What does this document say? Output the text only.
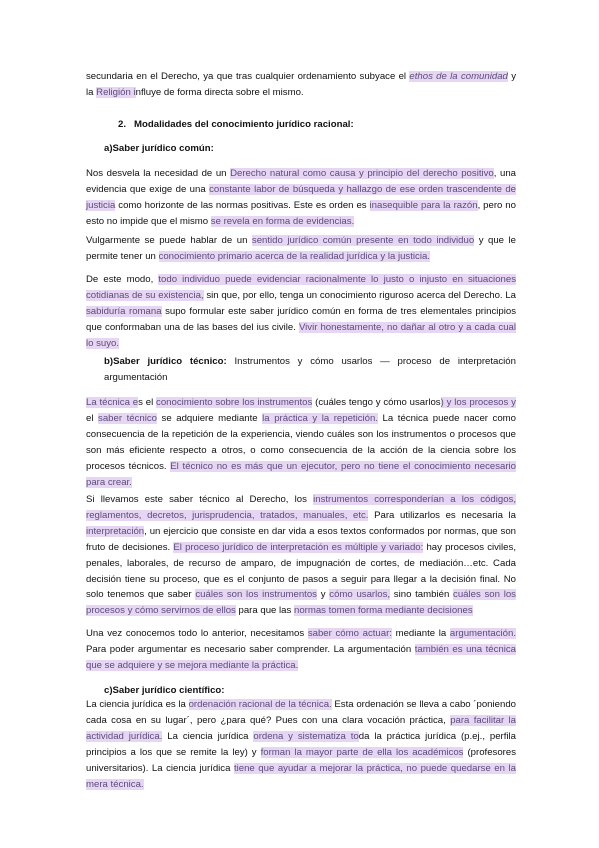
secundaria en el Derecho, ya que tras cualquier ordenamiento subyace el ethos de la comunidad y la Religión influye de forma directa sobre el mismo.

2. Modalidades del conocimiento jurídico racional:

a)Saber jurídico común:

Nos desvela la necesidad de un Derecho natural como causa y principio del derecho positivo, una evidencia que exige de una constante labor de búsqueda y hallazgo de ese orden trascendente de justicia como horizonte de las normas positivas. Este es orden es inasequible para la razón, pero no esto no impide que el mismo se revela en forma de evidencias.

Vulgarmente se puede hablar de un sentido jurídico común presente en todo individuo y que le permite tener un conocimiento primario acerca de la realidad jurídica y la justicia.

De este modo, todo individuo puede evidenciar racionalmente lo justo o injusto en situaciones cotidianas de su existencia, sin que, por ello, tenga un conocimiento riguroso acerca del Derecho. La sabiduría romana supo formular este saber jurídico común en forma de tres elementales principios que conformaban una de las bases del ius civile. Vivir honestamente, no dañar al otro y a cada cual lo suyo.

b)Saber jurídico técnico: Instrumentos y cómo usarlos — proceso de interpretación argumentación

La técnica es el conocimiento sobre los instrumentos (cuáles tengo y cómo usarlos) y los procesos y el saber técnico se adquiere mediante la práctica y la repetición. La técnica puede nacer como consecuencia de la repetición de la experiencia, viendo cuáles son los instrumentos o procesos que son más eficiente respecto a otros, o como consecuencia de la acción de la ciencia sobre los procesos técnicos. El técnico no es más que un ejecutor, pero no tiene el conocimiento necesario para crear.

Si llevamos este saber técnico al Derecho, los instrumentos corresponderían a los códigos, reglamentos, decretos, jurisprudencia, tratados, manuales, etc. Para utilizarlos es necesaria la interpretación, un ejercicio que consiste en dar vida a esos textos conformados por normas, que son fruto de decisiones. El proceso jurídico de interpretación es múltiple y variado: hay procesos civiles, penales, laborales, de recurso de amparo, de impugnación de cortes, de mediación…etc. Cada decisión tiene su proceso, que es el conjunto de pasos a seguir para llegar a la decisión final. No solo tenemos que saber cuáles son los instrumentos y cómo usarlos, sino también cuáles son los procesos y cómo servirnos de ellos para que las normas tomen forma mediante decisiones

Una vez conocemos todo lo anterior, necesitamos saber cómo actuar: mediante la argumentación. Para poder argumentar es necesario saber comprender. La argumentación también es una técnica que se adquiere y se mejora mediante la práctica.

c)Saber jurídico científico:

La ciencia jurídica es la ordenación racional de la técnica. Esta ordenación se lleva a cabo ´poniendo cada cosa en su lugar´, pero ¿para qué? Pues con una clara vocación práctica, para facilitar la actividad jurídica. La ciencia jurídica ordena y sistematiza toda la práctica jurídica (p.ej., perfila principios a los que se remite la ley) y forman la mayor parte de ella los académicos (profesores universitarios). La ciencia jurídica tiene que ayudar a mejorar la práctica, no puede quedarse en la mera técnica.
